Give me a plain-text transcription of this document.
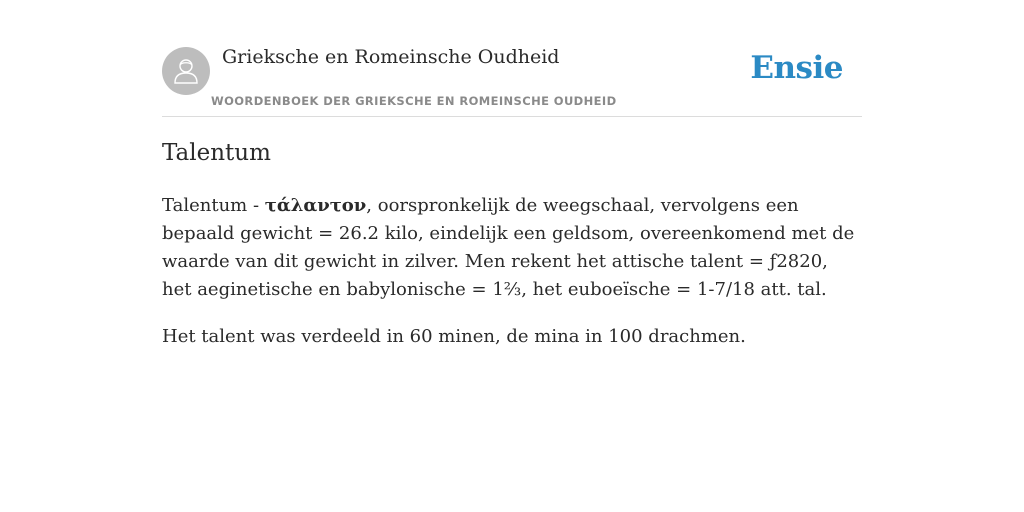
Grieksche en Romeinsche Oudheid
WOORDENBOEK DER GRIEKSCHE EN ROMEINSCHE OUDHEID
Ensie
Talentum

Talentum - τάλαντον, oorspronkelijk de weegschaal, vervolgens een bepaald gewicht = 26.2 kilo, eindelijk een geldsom, overeenkomend met de waarde van dit gewicht in zilver. Men rekent het attische talent = ƒ2820, het aeginetische en babylonische = 1⅔, het euboeïsche = 1-7/18 att. tal.

Het talent was verdeeld in 60 minen, de mina in 100 drachmen.
